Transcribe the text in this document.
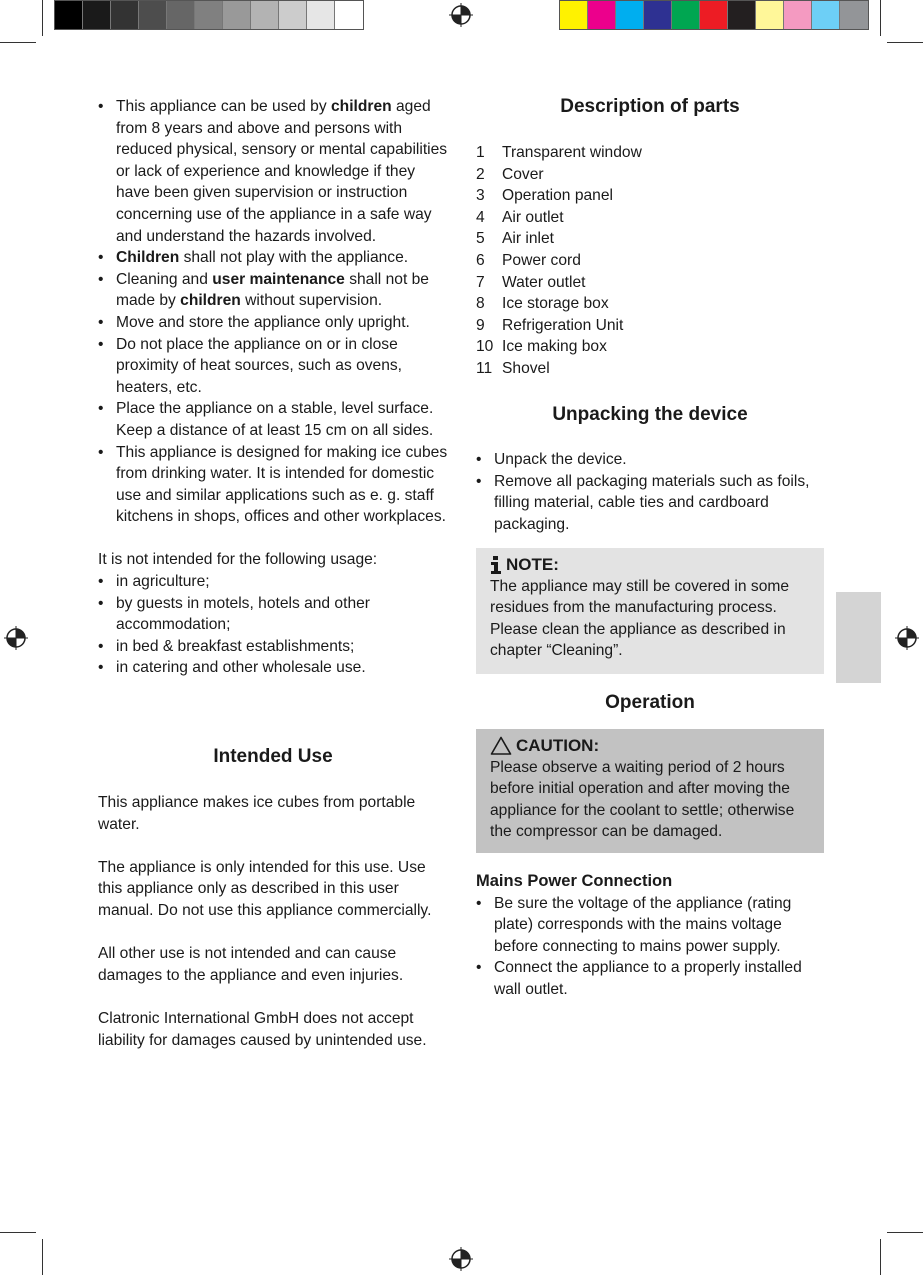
• This appliance can be used by children aged from 8 years and above and persons with reduced physical, sensory or mental capabilities or lack of experience and knowledge if they have been given supervision or instruction concerning use of the appliance in a safe way and understand the hazards involved.
• Children shall not play with the appliance.
• Cleaning and user maintenance shall not be made by children without supervision.
• Move and store the appliance only upright.
• Do not place the appliance on or in close proximity of heat sources, such as ovens, heaters, etc.
• Place the appliance on a stable, level surface. Keep a distance of at least 15 cm on all sides.
• This appliance is designed for making ice cubes from drinking water. It is intended for domestic use and similar applications such as e. g. staff kitchens in shops, offices and other workplaces.

It is not intended for the following usage:

• in agriculture;
• by guests in motels, hotels and other accommodation;
• in bed & breakfast establishments;
• in catering and other wholesale use.
Intended Use

This appliance makes ice cubes from portable water.

The appliance is only intended for this use. Use this appliance only as described in this user manual. Do not use this appliance commercially.

All other use is not intended and can cause damages to the appliance and even injuries.

Clatronic International GmbH does not accept liability for damages caused by unintended use.

Description of parts
1	Transparent window
2	Cover
3	Operation panel
4	Air outlet
5	Air inlet
6	Power cord
7	Water outlet
8	Ice storage box
9	Refrigeration Unit
10 Ice making box
11 Shovel
Unpacking the device
• Unpack the device.
• Remove all packaging materials such as foils, filling material, cable ties and cardboard packaging.
NOTE:

The appliance may still be covered in some residues from the manufacturing process. Please clean the appliance as described in chapter “Cleaning”.

Operation
CAUTION:

Please observe a waiting period of 2 hours before initial operation and after moving the appliance for the coolant to settle; otherwise the compressor can be damaged.

Mains Power Connection
• Be sure the voltage of the appliance (rating plate) corresponds with the mains voltage before connecting to mains power supply.
• Connect the appliance to a properly installed wall outlet.
